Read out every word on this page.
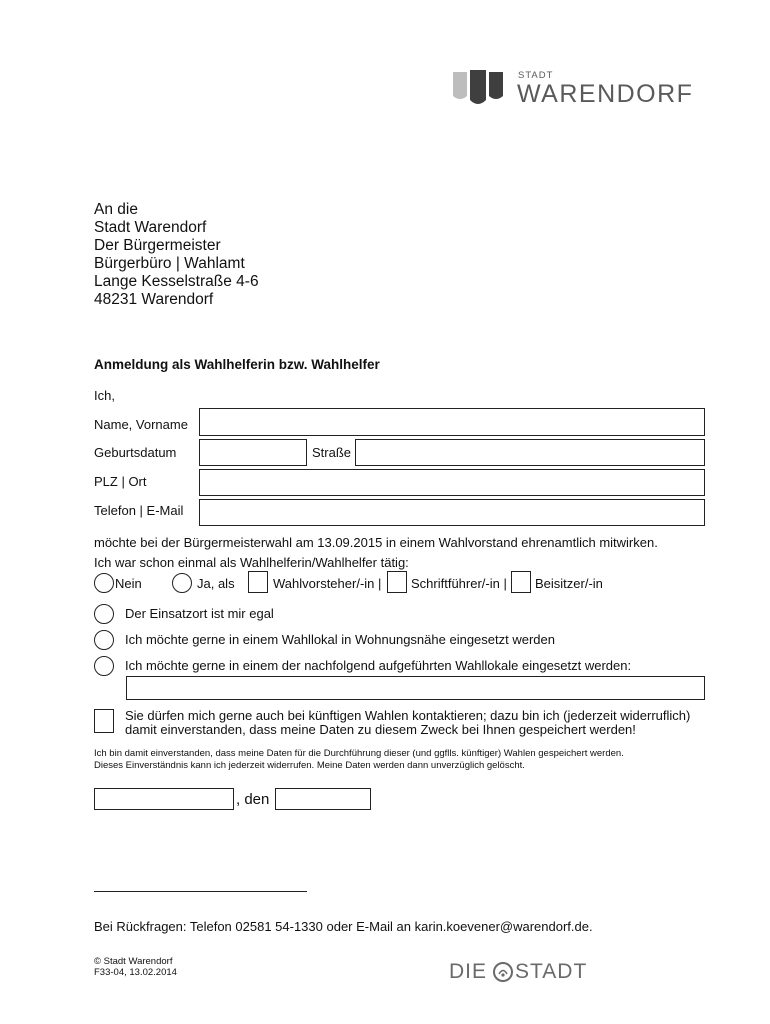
STADT
WARENDORF
An die
Stadt Warendorf
Der Bürgermeister
Bürgerbüro | Wahlamt
Lange Kesselstraße 4-6
48231 Warendorf
Anmeldung als Wahlhelferin bzw. Wahlhelfer
Ich,
Name, Vorname
Geburtsdatum	Straße
PLZ | Ort
Telefon | E-Mail
möchte bei der Bürgermeisterwahl am 13.09.2015 in einem Wahlvorstand ehrenamtlich mitwirken.
Ich war schon einmal als Wahlhelferin/Wahlhelfer tätig:
Nein	Ja, als	Wahlvorsteher/-in | Schriftführer/-in | Beisitzer/-in
Der Einsatzort ist mir egal
Ich möchte gerne in einem Wahllokal in Wohnungsnähe eingesetzt werden
Ich möchte gerne in einem der nachfolgend aufgeführten Wahllokale eingesetzt werden:
Sie dürfen mich gerne auch bei künftigen Wahlen kontaktieren; dazu bin ich (jederzeit widerruflich)
damit einverstanden, dass meine Daten zu diesem Zweck bei Ihnen gespeichert werden!
Ich bin damit einverstanden, dass meine Daten für die Durchführung dieser (und ggflls. künftiger) Wahlen gespeichert werden.
Dieses Einverständnis kann ich jederzeit widerrufen. Meine Daten werden dann unverzüglich gelöscht.
, den
Bei Rückfragen: Telefon 02581 54-1330 oder E-Mail an karin.koevener@warendorf.de.
© Stadt Warendorf
F33-04, 13.02.2014	DIE STADT
